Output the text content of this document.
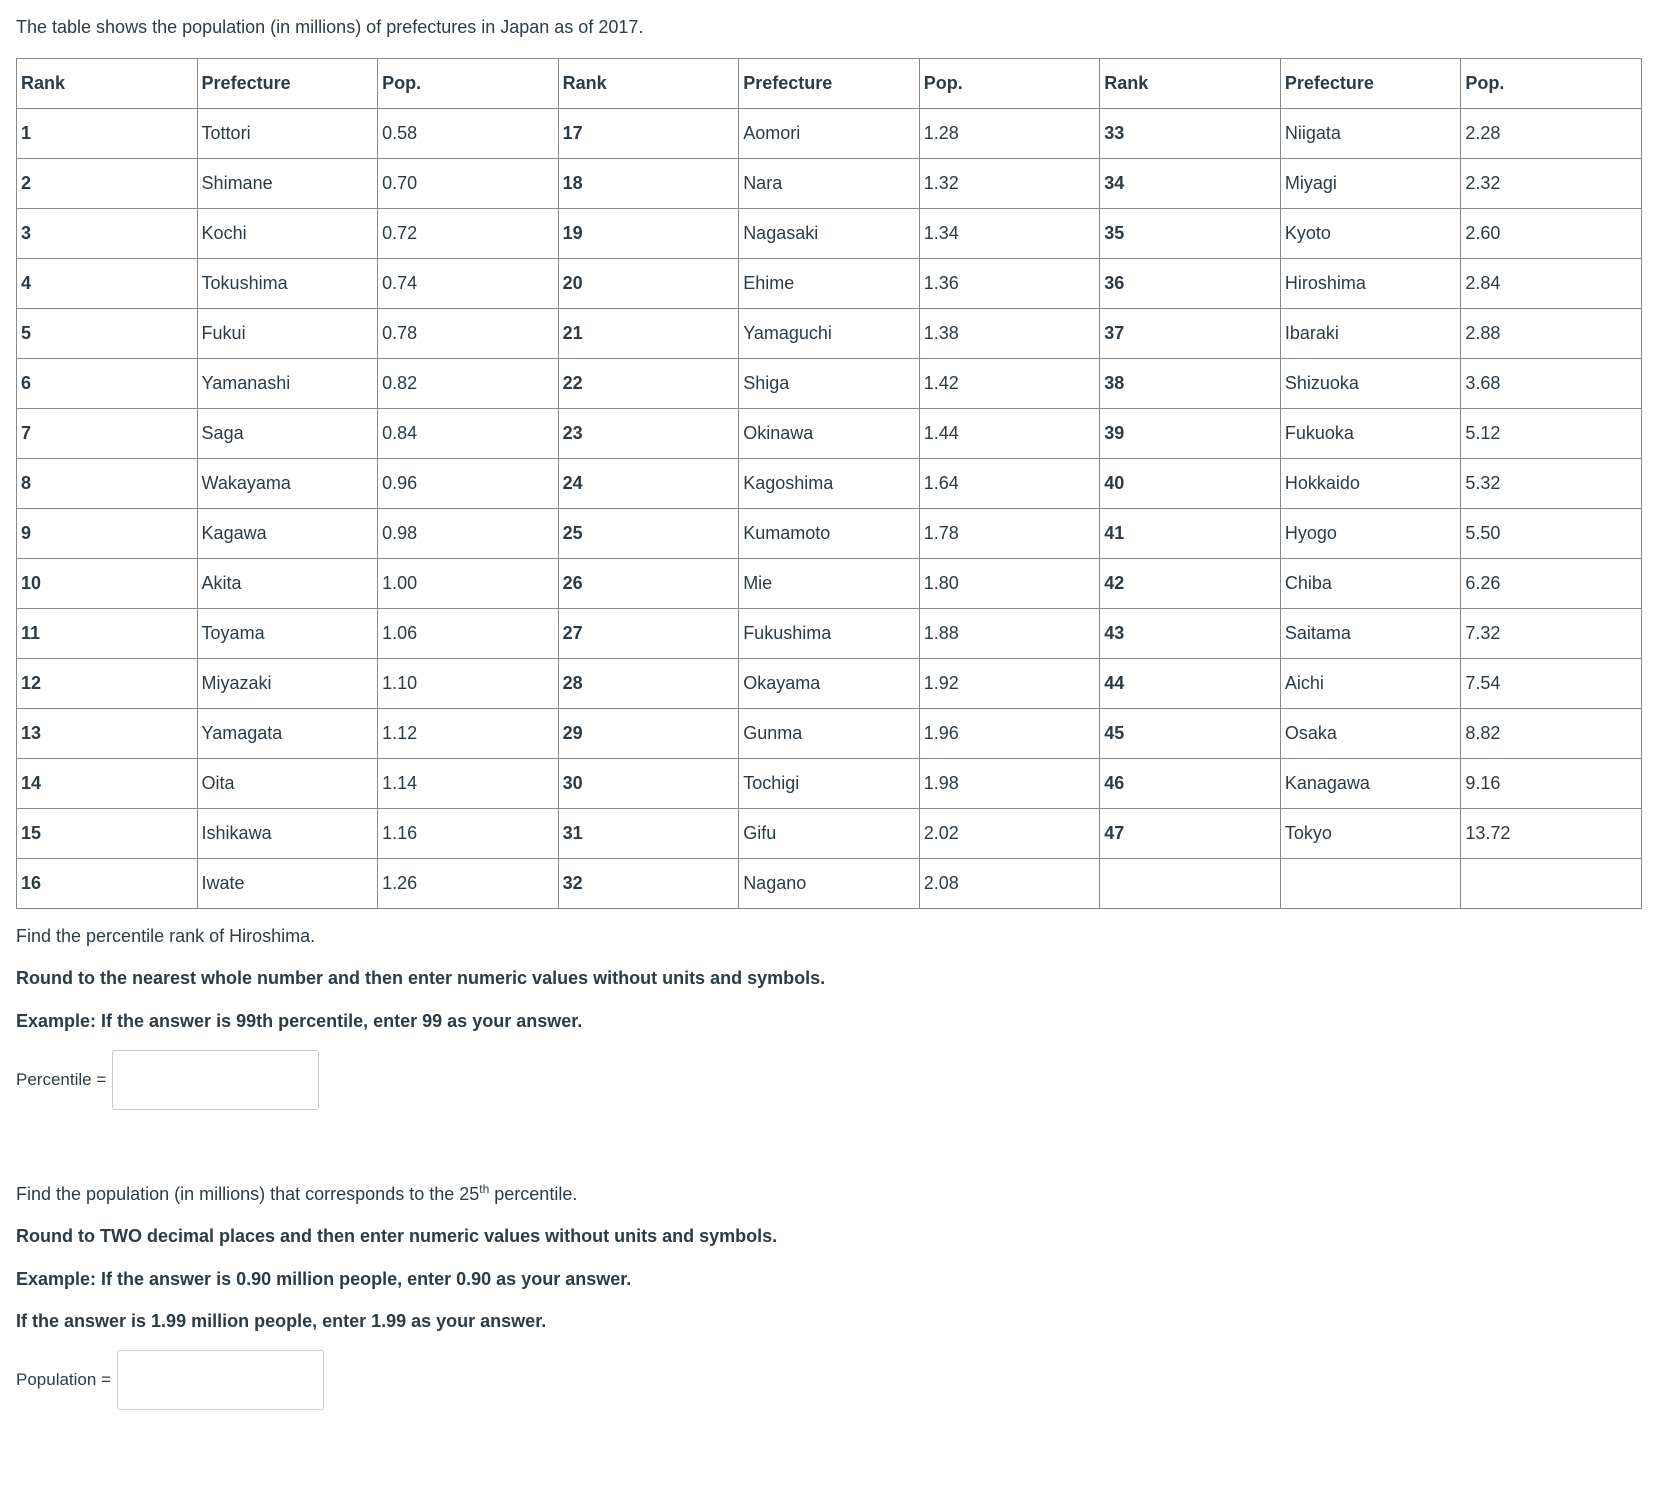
The table shows the population (in millions) of prefectures in Japan as of 2017.

Rank	Prefecture	Pop.	Rank	Prefecture	Pop.	Rank	Prefecture	Pop.
1	Tottori	0.58	17	Aomori	1.28	33	Niigata	2.28
2	Shimane	0.70	18	Nara	1.32	34	Miyagi	2.32
3	Kochi	0.72	19	Nagasaki	1.34	35	Kyoto	2.60
4	Tokushima	0.74	20	Ehime	1.36	36	Hiroshima	2.84
5	Fukui	0.78	21	Yamaguchi	1.38	37	Ibaraki	2.88
6	Yamanashi	0.82	22	Shiga	1.42	38	Shizuoka	3.68
7	Saga	0.84	23	Okinawa	1.44	39	Fukuoka	5.12
8	Wakayama	0.96	24	Kagoshima	1.64	40	Hokkaido	5.32
9	Kagawa	0.98	25	Kumamoto	1.78	41	Hyogo	5.50
10	Akita	1.00	26	Mie	1.80	42	Chiba	6.26
11	Toyama	1.06	27	Fukushima	1.88	43	Saitama	7.32
12	Miyazaki	1.10	28	Okayama	1.92	44	Aichi	7.54
13	Yamagata	1.12	29	Gunma	1.96	45	Osaka	8.82
14	Oita	1.14	30	Tochigi	1.98	46	Kanagawa	9.16
15	Ishikawa	1.16	31	Gifu	2.02	47	Tokyo	13.72
16	Iwate	1.26	32	Nagano	2.08			

Find the percentile rank of Hiroshima.

Round to the nearest whole number and then enter numeric values without units and symbols.

Example: If the answer is 99th percentile, enter 99 as your answer.

Percentile =

Find the population (in millions) that corresponds to the 25th percentile.

Round to TWO decimal places and then enter numeric values without units and symbols.

Example: If the answer is 0.90 million people, enter 0.90 as your answer.

If the answer is 1.99 million people, enter 1.99 as your answer.

Population =
